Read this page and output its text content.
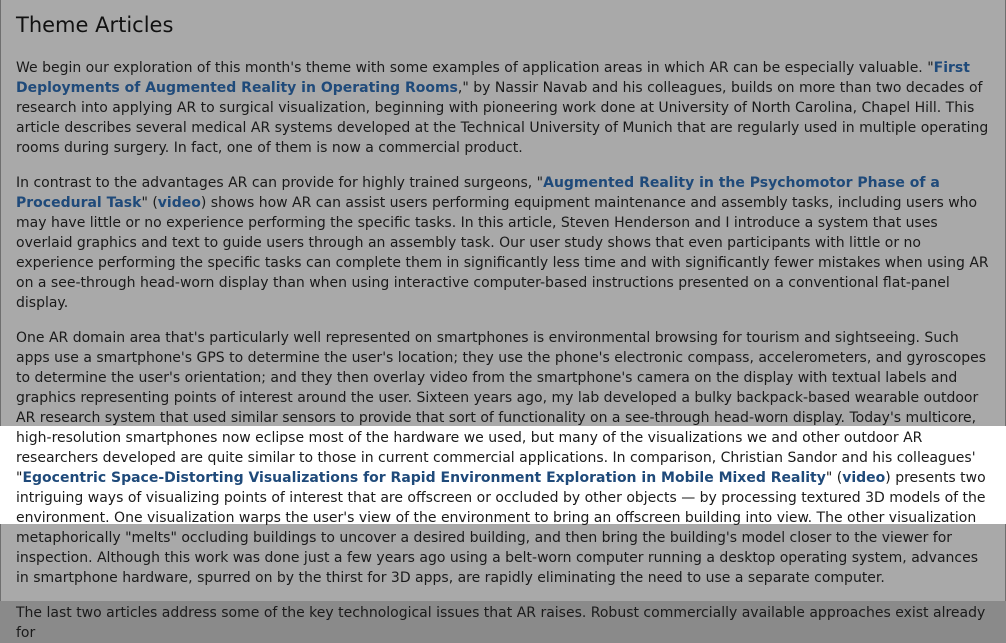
Theme Articles

We begin our exploration of this month's theme with some examples of application areas in which AR can be especially valuable. "First Deployments of Augmented Reality in Operating Rooms," by Nassir Navab and his colleagues, builds on more than two decades of research into applying AR to surgical visualization, beginning with pioneering work done at University of North Carolina, Chapel Hill. This article describes several medical AR systems developed at the Technical University of Munich that are regularly used in multiple operating rooms during surgery. In fact, one of them is now a commercial product.

In contrast to the advantages AR can provide for highly trained surgeons, "Augmented Reality in the Psychomotor Phase of a Procedural Task" (video) shows how AR can assist users performing equipment maintenance and assembly tasks, including users who may have little or no experience performing the specific tasks. In this article, Steven Henderson and I introduce a system that uses overlaid graphics and text to guide users through an assembly task. Our user study shows that even participants with little or no experience performing the specific tasks can complete them in significantly less time and with significantly fewer mistakes when using AR on a see-through head-worn display than when using interactive computer-based instructions presented on a conventional flat-panel display.

One AR domain area that's particularly well represented on smartphones is environmental browsing for tourism and sightseeing. Such apps use a smartphone's GPS to determine the user's location; they use the phone's electronic compass, accelerometers, and gyroscopes to determine the user's orientation; and they then overlay video from the smartphone's camera on the display with textual labels and graphics representing points of interest around the user. Sixteen years ago, my lab developed a bulky backpack-based wearable outdoor AR research system that used similar sensors to provide that sort of functionality on a see-through head-worn display. Today's multicore, high-resolution smartphones now eclipse most of the hardware we used, but many of the visualizations we and other outdoor AR researchers developed are quite similar to those in current commercial applications. In comparison, Christian Sandor and his colleagues' "Egocentric Space-Distorting Visualizations for Rapid Environment Exploration in Mobile Mixed Reality" (video) presents two intriguing ways of visualizing points of interest that are offscreen or occluded by other objects — by processing textured 3D models of the environment. One visualization warps the user's view of the environment to bring an offscreen building into view. The other visualization metaphorically "melts" occluding buildings to uncover a desired building, and then bring the building's model closer to the viewer for inspection. Although this work was done just a few years ago using a belt-worn computer running a desktop operating system, advances in smartphone hardware, spurred on by the thirst for 3D apps, are rapidly eliminating the need to use a separate computer.

The last two articles address some of the key technological issues that AR raises. Robust commercially available approaches exist already for
